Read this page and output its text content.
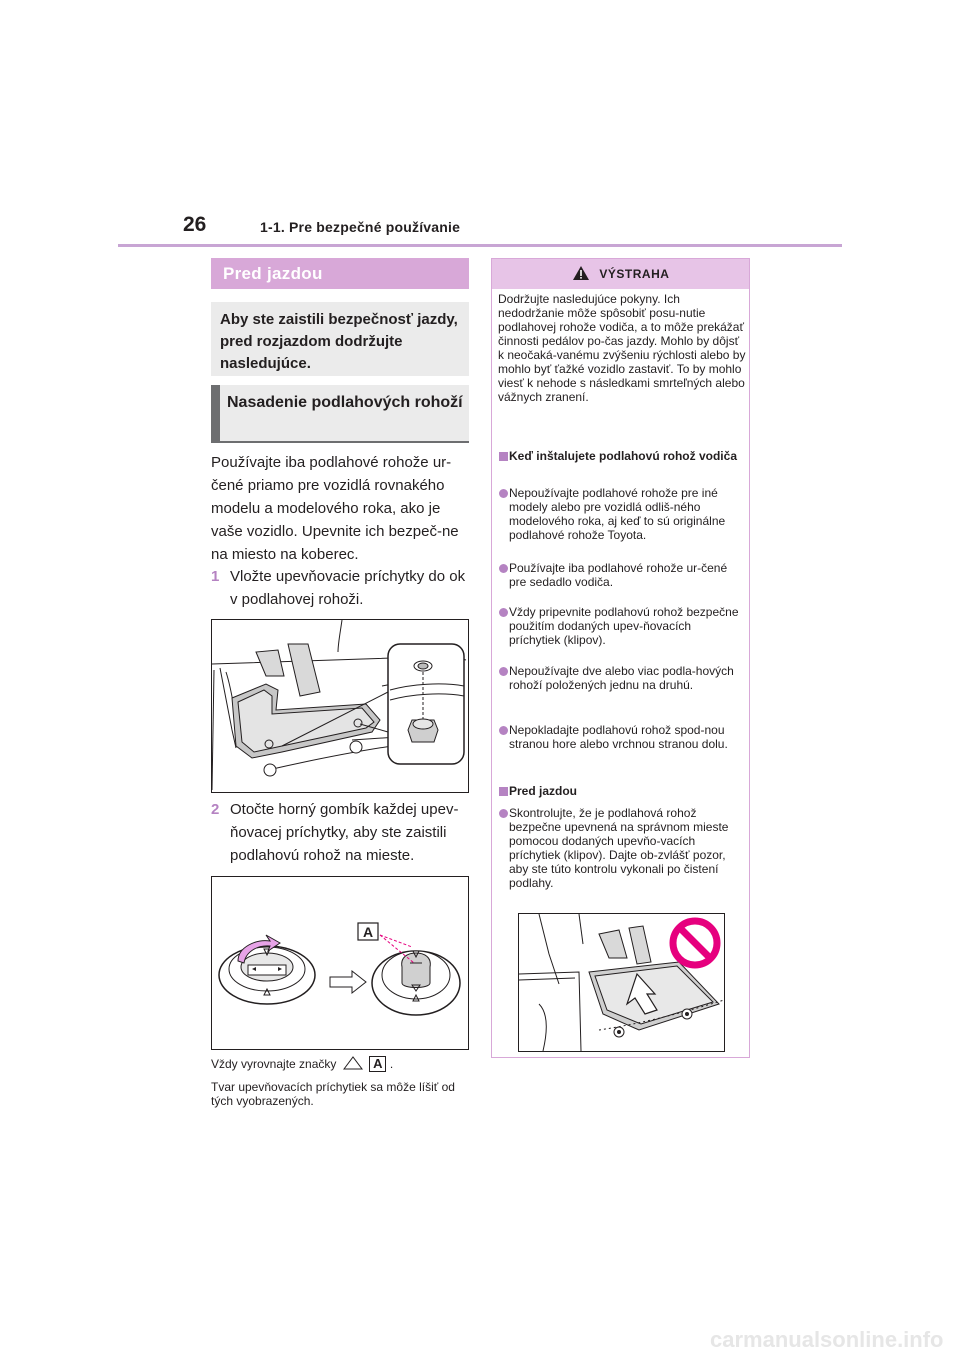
26	1-1. Pre bezpečné používanie
Pred jazdou
Aby ste zaistili bezpečnosť jazdy, pred rozjazdom dodržujte nasledujúce.
Nasadenie podlahových rohoží
Používajte iba podlahové rohože ur-čené priamo pre vozidlá rovnakého modelu a modelového roka, ako je vaše vozidlo. Upevnite ich bezpeč-ne na miesto na koberec.
1 Vložte upevňovacie príchytky do ok v podlahovej rohoži.
2 Otočte horný gombík každej upev-ňovacej príchytky, aby ste zaistili podlahovú rohož na mieste.
A
Vždy vyrovnajte značky	A .
Tvar upevňovacích príchytiek sa môže líšiť od tých vyobrazených.
VÝSTRAHA
Dodržujte nasledujúce pokyny. Ich nedodržanie môže spôsobiť posu-nutie podlahovej rohože vodiča, a to môže prekážať činnosti pedálov po-čas jazdy. Mohlo by dôjsť k neočaká-vanému zvýšeniu rýchlosti alebo by mohlo byť ťažké vozidlo zastaviť. To by mohlo viesť k nehode s následkami smrteľných alebo vážnych zranení.
Keď inštalujete podlahovú rohož vodiča
Nepoužívajte podlahové rohože pre iné modely alebo pre vozidlá odliš-ného modelového roka, aj keď to sú originálne podlahové rohože Toyota.
Používajte iba podlahové rohože ur-čené pre sedadlo vodiča.
Vždy pripevnite podlahovú rohož bezpečne použitím dodaných upev-ňovacích príchytiek (klipov).
Nepoužívajte dve alebo viac podla-hových rohoží položených jednu na druhú.
Nepokladajte podlahovú rohož spod-nou stranou hore alebo vrchnou stranou dolu.
Pred jazdou
Skontrolujte, že je podlahová rohož bezpečne upevnená na správnom mieste pomocou dodaných upevňo-vacích príchytiek (klipov). Dajte ob-zvlášť pozor, aby ste túto kontrolu vykonali po čistení podlahy.
carmanualsonline.info
